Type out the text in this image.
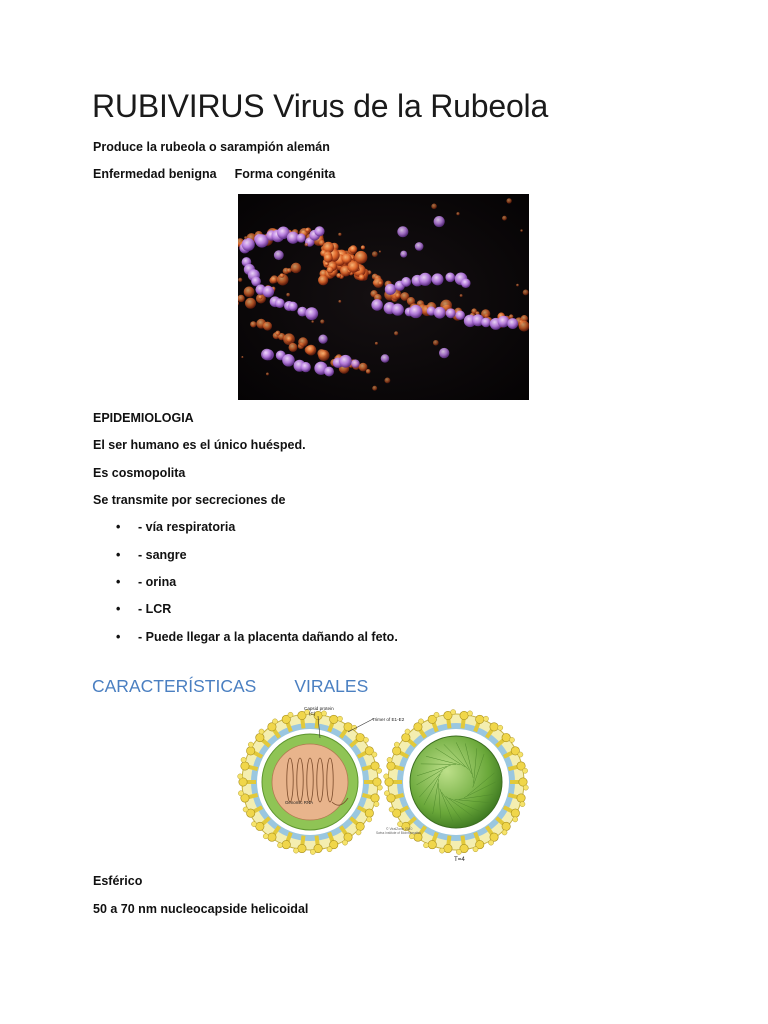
RUBIVIRUS Virus de la Rubeola

Produce la rubeola o sarampión alemán

Enfermedad benigna Forma congénita

EPIDEMIOLOGIA

El ser humano es el único huésped.

Es cosmopolita

Se transmite por secreciones de

• - vía respiratoria

• - sangre

• - orina

• - LCR

• - Puede llegar a la placenta dañando al feto.

CARACTERÍSTICAS VIRALES
Capsid protein
(C)
Trimer of E1-E2
Genomic RNA
T=4
© ViralZone 2010
Swiss Institute of Bioinformatics

Esférico

50 a 70 nm nucleocapside helicoidal
